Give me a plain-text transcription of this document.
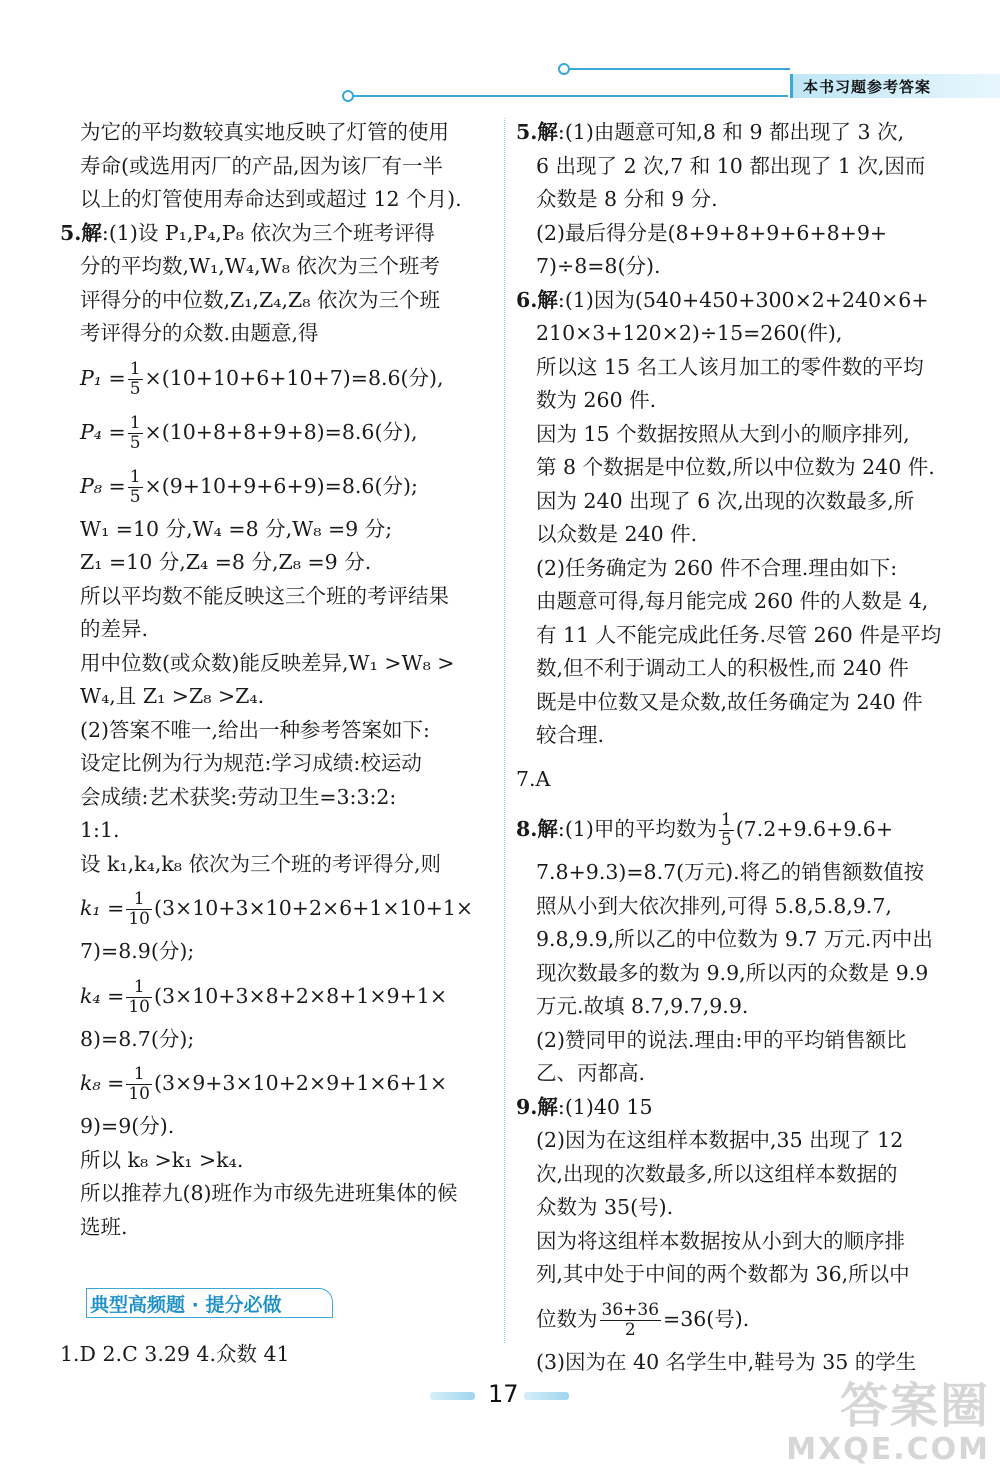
本书习题参考答案

为它的平均数较真实地反映了灯管的使用

寿命(或选用丙厂的产品,因为该厂有一半

以上的灯管使用寿命达到或超过 12 个月).

5.解:(1)设 P₁,P₄,P₈ 依次为三个班考评得

分的平均数,W₁,W₄,W₈ 依次为三个班考

评得分的中位数,Z₁,Z₄,Z₈ 依次为三个班

考评得分的众数.由题意,得

$P_1 = \frac{1}{5} \times(10+10+6+10+7)=8.6$(分),

$P_4 = \frac{1}{5} \times(10+8+8+9+8)=8.6$(分),

$P_8 = \frac{1}{5} \times(9+10+9+6+9)=8.6$(分);

W₁ =10 分,W₄ =8 分,W₈ =9 分;

Z₁ =10 分,Z₄ =8 分,Z₈ =9 分.

所以平均数不能反映这三个班的考评结果

的差异.

用中位数(或众数)能反映差异,W₁ >W₈ >

W₄,且 Z₁ >Z₈ >Z₄.

(2)答案不唯一,给出一种参考答案如下:

设定比例为行为规范:学习成绩:校运动

会成绩:艺术获奖:劳动卫生=3:3:2:

1:1.

设 k₁,k₄,k₈ 依次为三个班的考评得分,则

$k_1 = \frac{1}{10} (3\times 10+3\times 10+2\times 6+1\times 10+1\times$

7)=8.9(分);

$k_4 = \frac{1}{10} (3\times 10+3\times 8+2\times 8+1\times 9+1\times$

8)=8.7(分);

$k_8 = \frac{1}{10} (3\times 9+3\times 10+2\times 9+1\times 6+1\times$

9)=9(分).

所以 k₈ >k₁ >k₄.

所以推荐九(8)班作为市级先进班集体的候

选班.

典型高频题 · 提分必做
1.D 2.C 3.29 4.众数 41

5.解:(1)由题意可知,8 和 9 都出现了 3 次,

6 出现了 2 次,7 和 10 都出现了 1 次,因而

众数是 8 分和 9 分.

(2)最后得分是(8+9+8+9+6+8+9+

7)÷8=8(分).

6.解:(1)因为(540+450+300×2+240×6+

210×3+120×2)÷15=260(件),

所以这 15 名工人该月加工的零件数的平均

数为 260 件.

因为 15 个数据按照从大到小的顺序排列,

第 8 个数据是中位数,所以中位数为 240 件.

因为 240 出现了 6 次,出现的次数最多,所

以众数是 240 件.

(2)任务确定为 260 件不合理.理由如下:

由题意可得,每月能完成 260 件的人数是 4,

有 11 人不能完成此任务.尽管 260 件是平均

数,但不利于调动工人的积极性,而 240 件

既是中位数又是众数,故任务确定为 240 件

较合理.

7.A

8.解:(1)甲的平均数为 $\frac{1}{5} (7.2+9.6+9.6+$

7.8+9.3)=8.7(万元).将乙的销售额数值按

照从小到大依次排列,可得 5.8,5.8,9.7,

9.8,9.9,所以乙的中位数为 9.7 万元.丙中出

现次数最多的数为 9.9,所以丙的众数是 9.9

万元.故填 8.7,9.7,9.9.

(2)赞同甲的说法.理由:甲的平均销售额比

乙、丙都高.

9.解:(1)40 15

(2)因为在这组样本数据中,35 出现了 12

次,出现的次数最多,所以这组样本数据的

众数为 35(号).

因为将这组样本数据按从小到大的顺序排

列,其中处于中间的两个数都为 36,所以中

位数为 $\frac{36+36}{2} =36$(号).

(3)因为在 40 名学生中,鞋号为 35 的学生

17	答案圈
MXQE.COM
